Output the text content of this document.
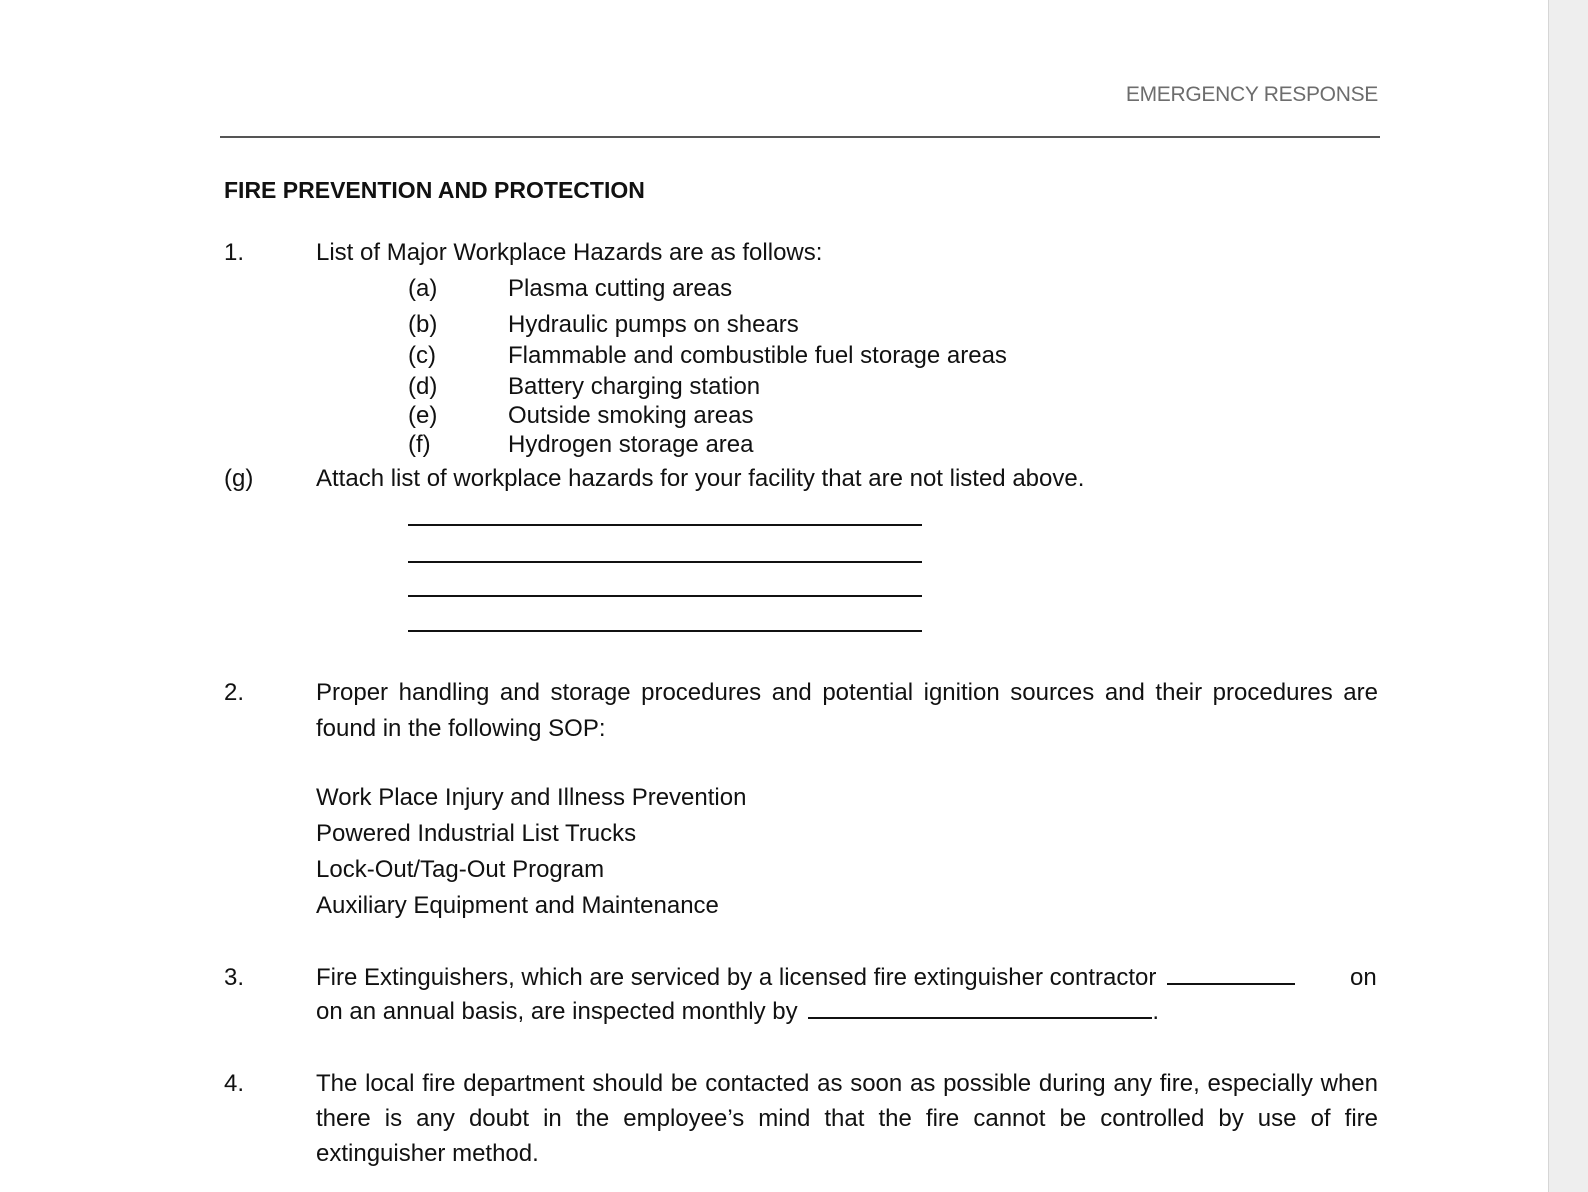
EMERGENCY RESPONSE
FIRE PREVENTION AND PROTECTION
1.	List of Major Workplace Hazards are as follows:
(a)	Plasma cutting areas
(b)	Hydraulic pumps on shears
(c)	Flammable and combustible fuel storage areas
(d)	Battery charging station
(e)	Outside smoking areas
(f)	Hydrogen storage area
(g)	Attach list of workplace hazards for your facility that are not listed above.
2.	Proper handling and storage procedures and potential ignition sources and their procedures are found in the following SOP:
Work Place Injury and Illness Prevention
Powered Industrial List Trucks
Lock-Out/Tag-Out Program
Auxiliary Equipment and Maintenance
3.	Fire Extinguishers, which are serviced by a licensed fire extinguisher contractor	on
on an annual basis, are inspected monthly by	.
4.	The local fire department should be contacted as soon as possible during any fire, especially when there is any doubt in the employee’s mind that the fire cannot be controlled by use of fire extinguisher method.
